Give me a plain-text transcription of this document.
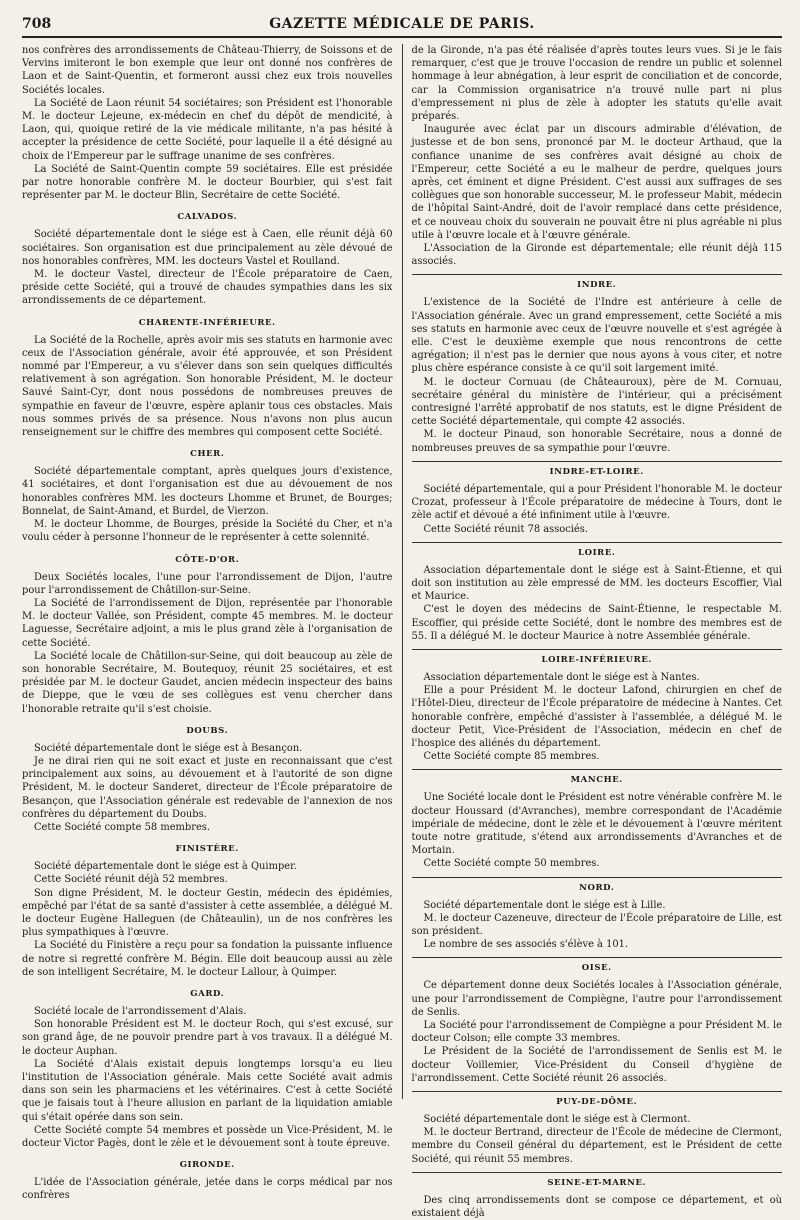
708	GAZETTE MÉDICALE DE PARIS.

nos confrères des arrondissements de Château-Thierry, de Soissons et de Vervins imiteront le bon exemple que leur ont donné nos confrères de Laon et de Saint-Quentin, et formeront aussi chez eux trois nouvelles Sociétés locales.

La Société de Laon réunit 54 sociétaires; son Président est l'honorable M. le docteur Lejeune, ex-médecin en chef du dépôt de mendicité, à Laon, qui, quoique retiré de la vie médicale militante, n'a pas hésité à accepter la présidence de cette Société, pour laquelle il a été désigné au choix de l'Empereur par le suffrage unanime de ses confrères.

La Société de Saint-Quentin compte 59 sociétaires. Elle est présidée par notre honorable confrère M. le docteur Bourbier, qui s'est fait représenter par M. le docteur Blin, Secrétaire de cette Société.

CALVADOS.

Société départementale dont le siége est à Caen, elle réunit déjà 60 sociétaires. Son organisation est due principalement au zèle dévoué de nos honorables confrères, MM. les docteurs Vastel et Roulland.

M. le docteur Vastel, directeur de l'École préparatoire de Caen, préside cette Société, qui a trouvé de chaudes sympathies dans les six arrondissements de ce département.

CHARENTE-INFÉRIEURE.

La Société de la Rochelle, après avoir mis ses statuts en harmonie avec ceux de l'Association générale, avoir été approuvée, et son Président nommé par l'Empereur, a vu s'élever dans son sein quelques difficultés relativement à son agrégation. Son honorable Président, M. le docteur Sauvé Saint-Cyr, dont nous possédons de nombreuses preuves de sympathie en faveur de l'œuvre, espère aplanir tous ces obstacles. Mais nous sommes privés de sa présence. Nous n'avons non plus aucun renseignement sur le chiffre des membres qui composent cette Société.

CHER.

Société départementale comptant, après quelques jours d'existence, 41 sociétaires, et dont l'organisation est due au dévouement de nos honorables confrères MM. les docteurs Lhomme et Brunet, de Bourges; Bonnelat, de Saint-Amand, et Burdel, de Vierzon.

M. le docteur Lhomme, de Bourges, préside la Société du Cher, et n'a voulu céder à personne l'honneur de le représenter à cette solennité.

CÔTE-D'OR.

Deux Sociétés locales, l'une pour l'arrondissement de Dijon, l'autre pour l'arrondissement de Châtillon-sur-Seine.

La Société de l'arrondissement de Dijon, représentée par l'honorable M. le docteur Vallée, son Président, compte 45 membres. M. le docteur Laguesse, Secrétaire adjoint, a mis le plus grand zèle à l'organisation de cette Société.

La Société locale de Châtillon-sur-Seine, qui doit beaucoup au zèle de son honorable Secrétaire, M. Boutequoy, réunit 25 sociétaires, et est présidée par M. le docteur Gaudet, ancien médecin inspecteur des bains de Dieppe, que le vœu de ses collègues est venu chercher dans l'honorable retraite qu'il s'est choisie.

DOUBS.

Société départementale dont le siége est à Besançon.

Je ne dirai rien qui ne soit exact et juste en reconnaissant que c'est principalement aux soins, au dévouement et à l'autorité de son digne Président, M. le docteur Sanderet, directeur de l'École préparatoire de Besançon, que l'Association générale est redevable de l'annexion de nos confrères du département du Doubs.

Cette Société compte 58 membres.

FINISTÈRE.

Société départementale dont le siége est à Quimper.

Cette Société réunit déjà 52 membres.

Son digne Président, M. le docteur Gestin, médecin des épidémies, empêché par l'état de sa santé d'assister à cette assemblée, a délégué M. le docteur Eugène Halleguen (de Châteaulin), un de nos confrères les plus sympathiques à l'œuvre.

La Société du Finistère a reçu pour sa fondation la puissante influence de notre si regretté confrère M. Bégin. Elle doit beaucoup aussi au zèle de son intelligent Secrétaire, M. le docteur Lallour, à Quimper.

GARD.

Société locale de l'arrondissement d'Alais.

Son honorable Président est M. le docteur Roch, qui s'est excusé, sur son grand âge, de ne pouvoir prendre part à vos travaux. Il a délégué M. le docteur Auphan.

La Société d'Alais existait depuis longtemps lorsqu'a eu lieu l'institution de l'Association générale. Mais cette Société avait admis dans son sein les pharmaciens et les vétérinaires. C'est à cette Société que je faisais tout à l'heure allusion en parlant de la liquidation amiable qui s'était opérée dans son sein.

Cette Société compte 54 membres et possède un Vice-Président, M. le docteur Victor Pagès, dont le zèle et le dévouement sont à toute épreuve.

GIRONDE.

L'idée de l'Association générale, jetée dans le corps médical par nos confrères

de la Gironde, n'a pas été réalisée d'après toutes leurs vues. Si je le fais remarquer, c'est que je trouve l'occasion de rendre un public et solennel hommage à leur abnégation, à leur esprit de conciliation et de concorde, car la Commission organisatrice n'a trouvé nulle part ni plus d'empressement ni plus de zèle à adopter les statuts qu'elle avait préparés.

Inaugurée avec éclat par un discours admirable d'élévation, de justesse et de bon sens, prononcé par M. le docteur Arthaud, que la confiance unanime de ses confrères avait désigné au choix de l'Empereur, cette Société a eu le malheur de perdre, quelques jours après, cet éminent et digne Président. C'est aussi aux suffrages de ses collègues que son honorable successeur, M. le professeur Mabit, médecin de l'hôpital Saint-André, doit de l'avoir remplacé dans cette présidence, et ce nouveau choix du souverain ne pouvait être ni plus agréable ni plus utile à l'œuvre locale et à l'œuvre générale.

L'Association de la Gironde est départementale; elle réunit déjà 115 associés.

INDRE.

L'existence de la Société de l'Indre est antérieure à celle de l'Association générale. Avec un grand empressement, cette Société a mis ses statuts en harmonie avec ceux de l'œuvre nouvelle et s'est agrégée à elle. C'est le deuxième exemple que nous rencontrons de cette agrégation; il n'est pas le dernier que nous ayons à vous citer, et notre plus chère espérance consiste à ce qu'il soit largement imité.

M. le docteur Cornuau (de Châteauroux), père de M. Cornuau, secrétaire général du ministère de l'intérieur, qui a précisément contresigné l'arrêté approbatif de nos statuts, est le digne Président de cette Société départementale, qui compte 42 associés.

M. le docteur Pinaud, son honorable Secrétaire, nous a donné de nombreuses preuves de sa sympathie pour l'œuvre.

INDRE-ET-LOIRE.

Société départementale, qui a pour Président l'honorable M. le docteur Crozat, professeur à l'École préparatoire de médecine à Tours, dont le zèle actif et dévoué a été infiniment utile à l'œuvre.

Cette Société réunit 78 associés.

LOIRE.

Association départementale dont le siége est à Saint-Étienne, et qui doit son institution au zèle empressé de MM. les docteurs Escoffier, Vial et Maurice.

C'est le doyen des médecins de Saint-Étienne, le respectable M. Escoffier, qui préside cette Société, dont le nombre des membres est de 55. Il a délégué M. le docteur Maurice à notre Assemblée générale.

LOIRE-INFÉRIEURE.

Association départementale dont le siége est à Nantes.

Elle a pour Président M. le docteur Lafond, chirurgien en chef de l'Hôtel-Dieu, directeur de l'École préparatoire de médecine à Nantes. Cet honorable confrère, empêché d'assister à l'assemblée, a délégué M. le docteur Petit, Vice-Président de l'Association, médecin en chef de l'hospice des aliénés du département.

Cette Société compte 85 membres.

MANCHE.

Une Société locale dont le Président est notre vénérable confrère M. le docteur Houssard (d'Avranches), membre correspondant de l'Académie impériale de médecine, dont le zèle et le dévouement à l'œuvre méritent toute notre gratitude, s'étend aux arrondissements d'Avranches et de Mortain.

Cette Société compte 50 membres.

NORD.

Société départementale dont le siége est à Lille.

M. le docteur Cazeneuve, directeur de l'École préparatoire de Lille, est son président.

Le nombre de ses associés s'élève à 101.

OISE.

Ce département donne deux Sociétés locales à l'Association générale, une pour l'arrondissement de Compiègne, l'autre pour l'arrondissement de Senlis.

La Société pour l'arrondissement de Compiègne a pour Président M. le docteur Colson; elle compte 33 membres.

Le Président de la Société de l'arrondissement de Senlis est M. le docteur Voillemier, Vice-Président du Conseil d'hygiène de l'arrondissement. Cette Société réunit 26 associés.

PUY-DE-DÔME.

Société départementale dont le siége est à Clermont.

M. le docteur Bertrand, directeur de l'École de médecine de Clermont, membre du Conseil général du département, est le Président de cette Société, qui réunit 55 membres.

SEINE-ET-MARNE.

Des cinq arrondissements dont se compose ce département, et où existaient déjà
